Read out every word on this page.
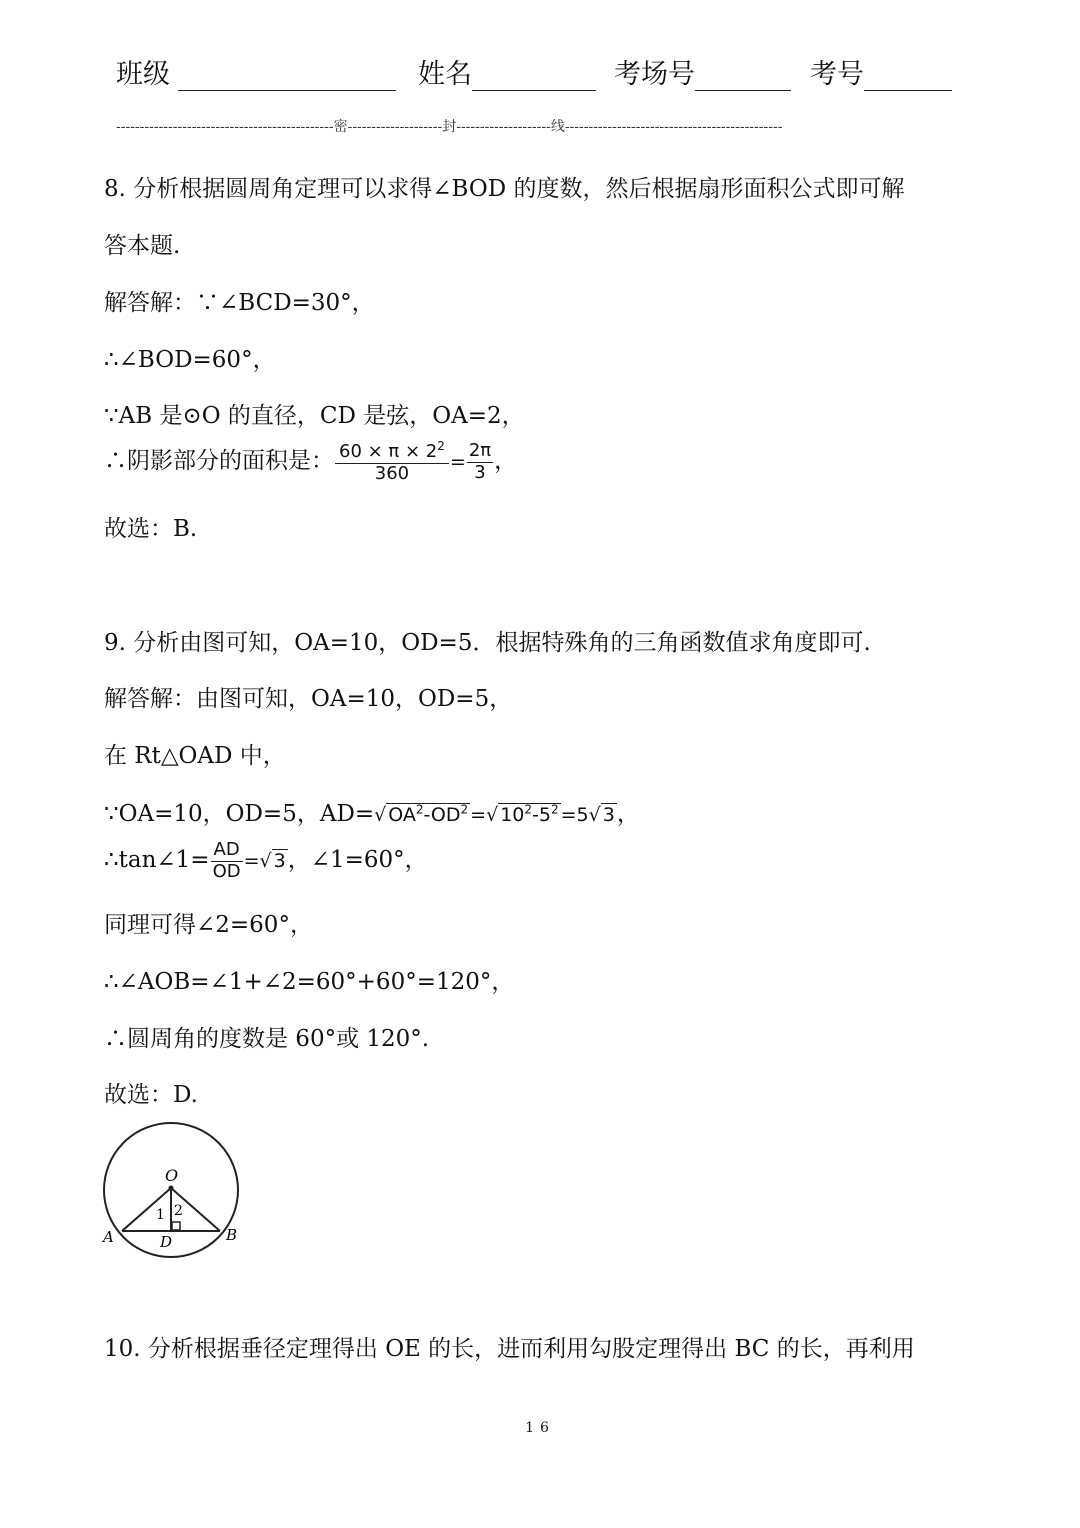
班级	姓名	考场号	考号
----------------------------------------------密--------------------封--------------------线----------------------------------------------
8. 分析根据圆周角定理可以求得∠BOD 的度数，然后根据扇形面积公式即可解
答本题.
解答解：∵∠BCD=30°，
∴∠BOD=60°，
∵AB 是⊙O 的直径，CD 是弦，OA=2，
∴阴影部分的面积是： $\frac{60 \times \pi \times 2^2}{360} = \frac{2\pi}{3}$ ，
故选：B.
9. 分析由图可知，OA=10，OD=5．根据特殊角的三角函数值求角度即可.
解答解：由图可知，OA=10，OD=5，
在 Rt△OAD 中，
∵OA=10，OD=5，AD=√ $OA^2-OD^2$ =√ $10^2-5^2 =5√$ 3，
∴tan∠1= $\frac{AD}{OD}$ =√ 3，∠1=60°，
同理可得∠2=60°，
∴∠AOB=∠1+∠2=60°+60°=120°，
∴圆周角的度数是 60°或 120°.
故选：D.
O
A	B
D
1 2
10. 分析根据垂径定理得出 OE 的长，进而利用勾股定理得出 BC 的长，再利用
16
